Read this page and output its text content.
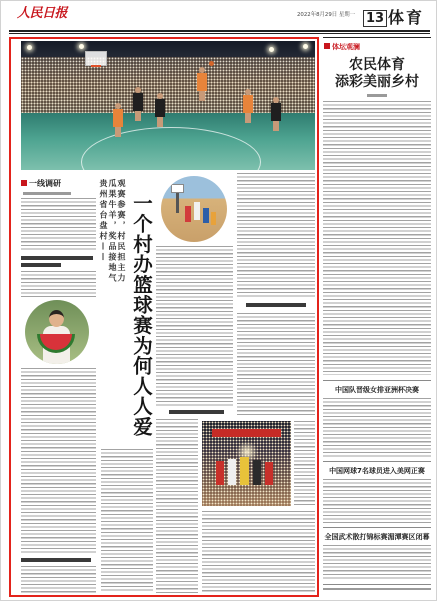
人民日报	2022年8月29日 星期一 13 体育
一线调研	观赛参赛，村民担主力
瓜果牛羊，奖品接地气
贵州省台盘村—— 一个村办篮球赛为何人人爱
体坛观澜
农民体育
添彩美丽乡村
中国队晋级女排亚洲杯决赛
中国网球7名球员进入美网正赛
全国武术散打锦标赛湄潭赛区闭幕
